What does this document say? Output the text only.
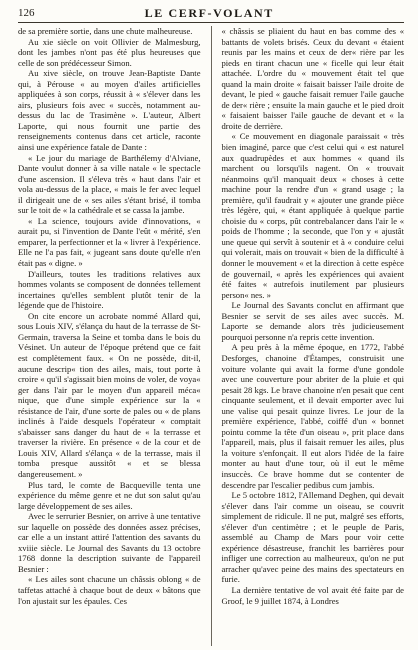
126	LE CERF-VOLANT

de sa première sortie, dans une chute malheureuse.

Au xie siècle on voit Ollivier de Malmesburg, dont les jambes n'ont pas été plus heureuses que celle de son prédécesseur Simon.

Au xive siècle, on trouve Jean-Baptiste Dante qui, à Pérouse « au moyen d'ailes artificielles appliquées à son corps, réussit à « s'élever dans les airs, plusieurs fois avec « succès, notamment au-dessus du lac de Trasimène ». L'auteur, Albert Laporte, qui nous fournit une partie des renseignements contenus dans cet article, raconte ainsi une expérience fatale de Dante :

« Le jour du mariage de Barthélemy d'Alviane, Dante voulut donner à sa ville natale « le spectacle d'une ascension. Il s'éleva très « haut dans l'air et vola au-dessus de la place, « mais le fer avec lequel il dirigeait une de « ses ailes s'étant brisé, il tomba sur le toit de « la cathédrale et se cassa la jambe.

« La science, toujours avide d'innovations, « aurait pu, si l'invention de Dante l'eût « mérité, s'en emparer, la perfectionner et la « livrer à l'expérience. Elle ne l'a pas fait, « jugeant sans doute qu'elle n'en était pas « digne. »

D'ailleurs, toutes les traditions relatives aux hommes volants se composent de données tellement incertaines qu'elles semblent plutôt tenir de la légende que de l'histoire.

On cite encore un acrobate nommé Allard qui, sous Louis XIV, s'élança du haut de la terrasse de St-Germain, traversa la Seine et tomba dans le bois du Vésinet. Un auteur de l'époque prétend que ce fait est complètement faux. « On ne possède, dit-il, aucune descrip« tion des ailes, mais, tout porte à croire « qu'il s'agissait bien moins de voler, de voya« ger dans l'air par le moyen d'un appareil méca« nique, que d'une simple expérience sur la « résistance de l'air, d'une sorte de pales ou « de plans inclinés à l'aide desquels l'opérateur « comptait s'abaisser sans danger du haut de « la terrasse et traverser la rivière. En présence « de la cour et de Louis XIV, Allard s'élança « de la terrasse, mais il tomba presque aussitôt « et se blessa dangereusement. »

Plus tard, le comte de Bacqueville tenta une expérience du même genre et ne dut son salut qu'au large développement de ses ailes.

Avec le serrurier Besnier, on arrive à une tentative sur laquelle on possède des données assez précises, car elle a un instant attiré l'attention des savants du xviiie siècle. Le Journal des Savants du 13 octobre 1768 donne la description suivante de l'appareil Besnier :

« Les ailes sont chacune un châssis oblong « de taffetas attaché à chaque bout de deux « bâtons que l'on ajustait sur les épaules. Ces

« châssis se pliaient du haut en bas comme des « battants de volets brisés. Ceux du devant « étaient reunis par les mains et ceux de der« rière par les pieds en tirant chacun une « ficelle qui leur était attachée. L'ordre du « mouvement était tel que quand la main droite « faisait baisser l'aile droite de devant, le pied « gauche faisait remuer l'aile gauche de der« rière ; ensuite la main gauche et le pied droit « faisaient baisser l'aile gauche de devant et « la droite de derrière.

« Ce mouvement en diagonale paraissait « très bien imaginé, parce que c'est celui qui « est naturel aux quadrupèdes et aux hommes « quand ils marchent ou lorsqu'ils nagent. On « trouvait néanmoins qu'il manquait deux « choses à cette machine pour la rendre d'un « grand usage ; la première, qu'il faudrait y « ajouter une grande pièce très légère, qui, « étant appliquée à quelque partie choisie du « corps, pût contrebalancer dans l'air le « poids de l'homme ; la seconde, que l'on y « ajustât une queue qui servît à soutenir et à « conduire celui qui volerait, mais on trouvait « bien de la difficulté à donner le mouvement « et la direction à cette espèce de gouvernail, « après les expériences qui avaient été faites « autrefois inutilement par plusieurs person« nes. »

Le Journal des Savants conclut en affirmant que Besnier se servit de ses ailes avec succès. M. Laporte se demande alors très judicieusement pourquoi personne n'a repris cette invention.

A peu près à la même époque, en 1772, l'abbé Desforges, chanoine d'Étampes, construisit une voiture volante qui avait la forme d'une gondole avec une couverture pour abriter de la pluie et qui pesait 28 kgs. Le brave chanoine n'en pesait que cent cinquante seulement, et il devait emporter avec lui une valise qui pesait quinze livres. Le jour de la première expérience, l'abbé, coiffé d'un « bonnet pointu comme la tête d'un oiseau », prit place dans l'appareil, mais, plus il faisait remuer les ailes, plus la voiture s'enfonçait. Il eut alors l'idée de la faire monter au haut d'une tour, où il eut le même insuccès. Ce brave homme dut se contenter de descendre par l'escalier pedibus cum jambis.

Le 5 octobre 1812, l'Allemand Deghen, qui devait s'élever dans l'air comme un oiseau, se couvrit simplement de ridicule. Il ne put, malgré ses efforts, s'élever d'un centimètre ; et le peuple de Paris, assemblé au Champ de Mars pour voir cette expérience désastreuse, franchit les barrières pour infliger une correction au malheureux, qu'on ne put arracher qu'avec peine des mains des spectateurs en furie.

La dernière tentative de vol avait été faite par de Groof, le 9 juillet 1874, à Londres
